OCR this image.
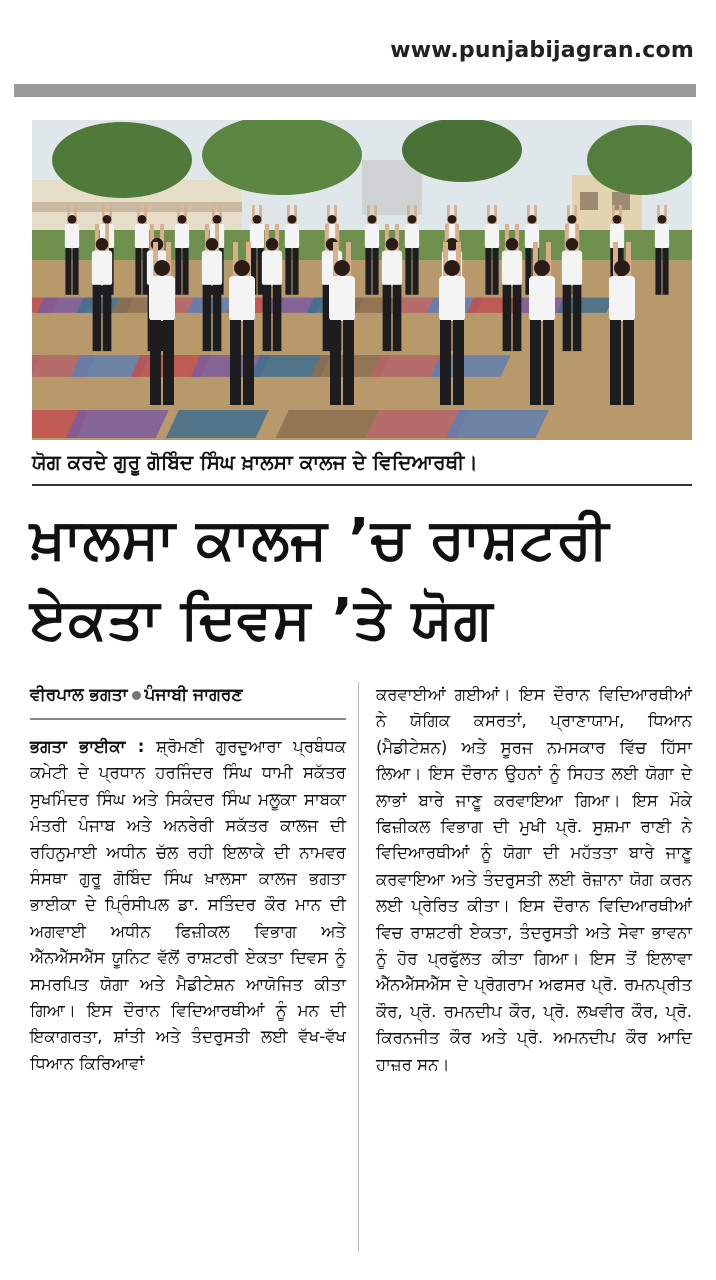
www.punjabijagran.com
ਯੋਗ ਕਰਦੇ ਗੁਰੂ ਗੋਬਿੰਦ ਸਿੰਘ ਖ਼ਾਲਸਾ ਕਾਲਜ ਦੇ ਵਿਦਿਆਰਥੀ।
ਖ਼ਾਲਸਾ ਕਾਲਜ ’ਚ ਰਾਸ਼ਟਰੀ
ਏਕਤਾ ਦਿਵਸ ’ਤੇ ਯੋਗ
ਵੀਰਪਾਲ ਭਗਤਾ ਪੰਜਾਬੀ ਜਾਗਰਣ

ਭਗਤਾ ਭਾਈਕਾ : ਸ਼੍ਰੋਮਣੀ ਗੁਰਦੁਆਰਾ ਪ੍ਰਬੰਧਕ ਕਮੇਟੀ ਦੇ ਪ੍ਰਧਾਨ ਹਰਜਿੰਦਰ ਸਿੰਘ ਧਾਮੀ ਸਕੱਤਰ ਸੁਖਮਿੰਦਰ ਸਿੰਘ ਅਤੇ ਸਿਕੰਦਰ ਸਿੰਘ ਮਲੂਕਾ ਸਾਬਕਾ ਮੰਤਰੀ ਪੰਜਾਬ ਅਤੇ ਅਨਰੇਰੀ ਸਕੱਤਰ ਕਾਲਜ ਦੀ ਰਹਿਨੁਮਾਈ ਅਧੀਨ ਚੱਲ ਰਹੀ ਇਲਾਕੇ ਦੀ ਨਾਮਵਰ ਸੰਸਥਾ ਗੁਰੂ ਗੋਬਿੰਦ ਸਿੰਘ ਖ਼ਾਲਸਾ ਕਾਲਜ ਭਗਤਾ ਭਾਈਕਾ ਦੇ ਪ੍ਰਿੰਸੀਪਲ ਡਾ. ਸਤਿੰਦਰ ਕੌਰ ਮਾਨ ਦੀ ਅਗਵਾਈ ਅਧੀਨ ਫਿਜ਼ੀਕਲ ਵਿਭਾਗ ਅਤੇ ਐੱਨਐੱਸਐੱਸ ਯੂਨਿਟ ਵੱਲੋਂ ਰਾਸ਼ਟਰੀ ਏਕਤਾ ਦਿਵਸ ਨੂੰ ਸਮਰਪਿਤ ਯੋਗਾ ਅਤੇ ਮੈਡੀਟੇਸ਼ਨ ਆਯੋਜਿਤ ਕੀਤਾ ਗਿਆ। ਇਸ ਦੌਰਾਨ ਵਿਦਿਆਰਥੀਆਂ ਨੂੰ ਮਨ ਦੀ ਇਕਾਗਰਤਾ, ਸ਼ਾਂਤੀ ਅਤੇ ਤੰਦਰੁਸਤੀ ਲਈ ਵੱਖ-ਵੱਖ ਧਿਆਨ ਕਿਰਿਆਵਾਂ

ਕਰਵਾਈਆਂ ਗਈਆਂ। ਇਸ ਦੌਰਾਨ ਵਿਦਿਆਰਥੀਆਂ ਨੇ ਯੋਗਿਕ ਕਸਰਤਾਂ, ਪ੍ਰਾਣਾਯਾਮ, ਧਿਆਨ (ਮੈਡੀਟੇਸ਼ਨ) ਅਤੇ ਸੂਰਜ ਨਮਸਕਾਰ ਵਿੱਚ ਹਿੱਸਾ ਲਿਆ। ਇਸ ਦੌਰਾਨ ਉਹਨਾਂ ਨੂੰ ਸਿਹਤ ਲਈ ਯੋਗਾ ਦੇ ਲਾਭਾਂ ਬਾਰੇ ਜਾਣੂ ਕਰਵਾਇਆ ਗਿਆ। ਇਸ ਮੌਕੇ ਫਿਜ਼ੀਕਲ ਵਿਭਾਗ ਦੀ ਮੁਖੀ ਪ੍ਰੋ. ਸੁਸ਼ਮਾ ਰਾਣੀ ਨੇ ਵਿਦਿਆਰਥੀਆਂ ਨੂੰ ਯੋਗਾ ਦੀ ਮਹੱਤਤਾ ਬਾਰੇ ਜਾਣੂ ਕਰਵਾਇਆ ਅਤੇ ਤੰਦਰੁਸਤੀ ਲਈ ਰੋਜ਼ਾਨਾ ਯੋਗ ਕਰਨ ਲਈ ਪ੍ਰੇਰਿਤ ਕੀਤਾ। ਇਸ ਦੌਰਾਨ ਵਿਦਿਆਰਥੀਆਂ ਵਿਚ ਰਾਸ਼ਟਰੀ ਏਕਤਾ, ਤੰਦਰੁਸਤੀ ਅਤੇ ਸੇਵਾ ਭਾਵਨਾ ਨੂੰ ਹੋਰ ਪ੍ਰਫੁੱਲਤ ਕੀਤਾ ਗਿਆ। ਇਸ ਤੋਂ ਇਲਾਵਾ ਐੱਨਐੱਸਐੱਸ ਦੇ ਪ੍ਰੋਗਰਾਮ ਅਫਸਰ ਪ੍ਰੋ. ਰਮਨਪ੍ਰੀਤ ਕੌਰ, ਪ੍ਰੋ. ਰਮਨਦੀਪ ਕੌਰ, ਪ੍ਰੋ. ਲਖਵੀਰ ਕੌਰ, ਪ੍ਰੋ. ਕਿਰਨਜੀਤ ਕੌਰ ਅਤੇ ਪ੍ਰੋ. ਅਮਨਦੀਪ ਕੌਰ ਆਦਿ ਹਾਜ਼ਰ ਸਨ।
